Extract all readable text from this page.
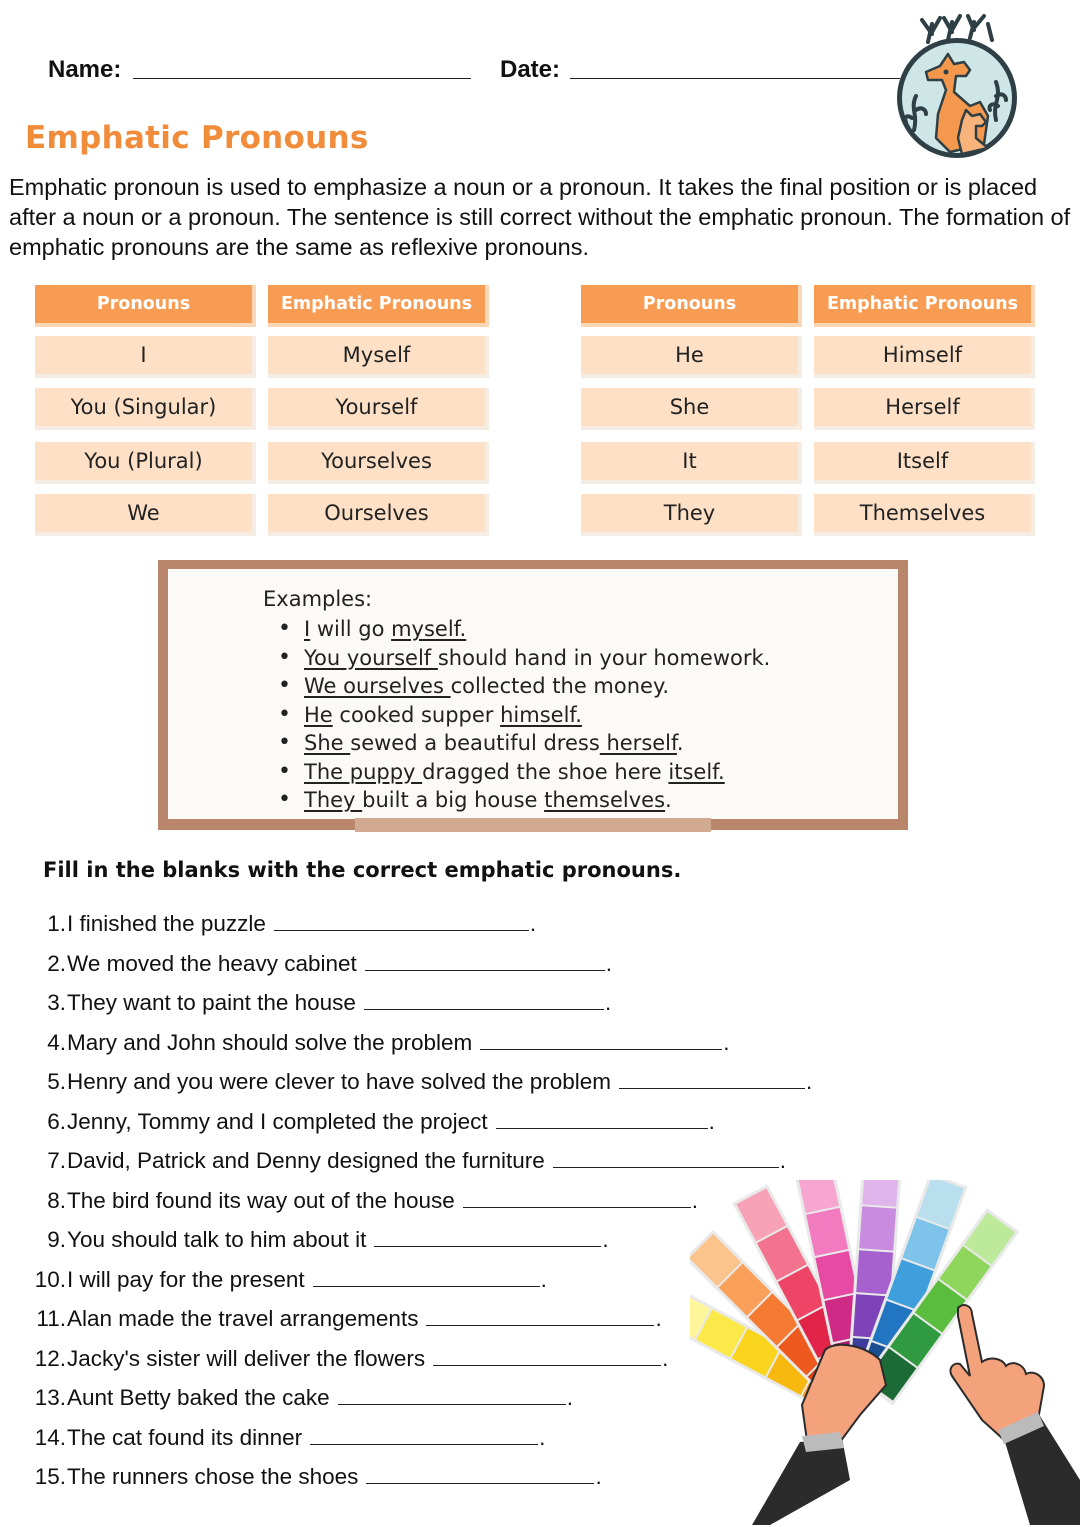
Name:	Date:
Emphatic Pronouns

Emphatic pronoun is used to emphasize a noun or a pronoun. It takes the final position or is placed after a noun or a pronoun. The sentence is still correct without the emphatic pronoun. The formation of emphatic pronouns are the same as reflexive pronouns.

Pronouns	Emphatic Pronouns	Pronouns	Emphatic Pronouns
I	Myself
You (Singular)	Yourself
You (Plural)	Yourselves
We	Ourselves
He	Himself
She	Herself
It	Itself
They	Themselves
Examples:
• I will go myself.
• You yourself should hand in your homework.
• We ourselves collected the money.
• He cooked supper himself.
• She sewed a beautiful dress herself.
• The puppy dragged the shoe here itself.
• They built a big house themselves.
Fill in the blanks with the correct emphatic pronouns.
1.I finished the puzzle	.
2.We moved the heavy cabinet	.
3.They want to paint the house	.
4.Mary and John should solve the problem	.
5.Henry and you were clever to have solved the problem	.
6.Jenny, Tommy and I completed the project	.
7.David, Patrick and Denny designed the furniture	.
8.The bird found its way out of the house	.
9.You should talk to him about it	.
10.I will pay for the present	.
11.Alan made the travel arrangements	.
12.Jacky's sister will deliver the flowers	.
13.Aunt Betty baked the cake	.
14.The cat found its dinner	.
15.The runners chose the shoes	.
